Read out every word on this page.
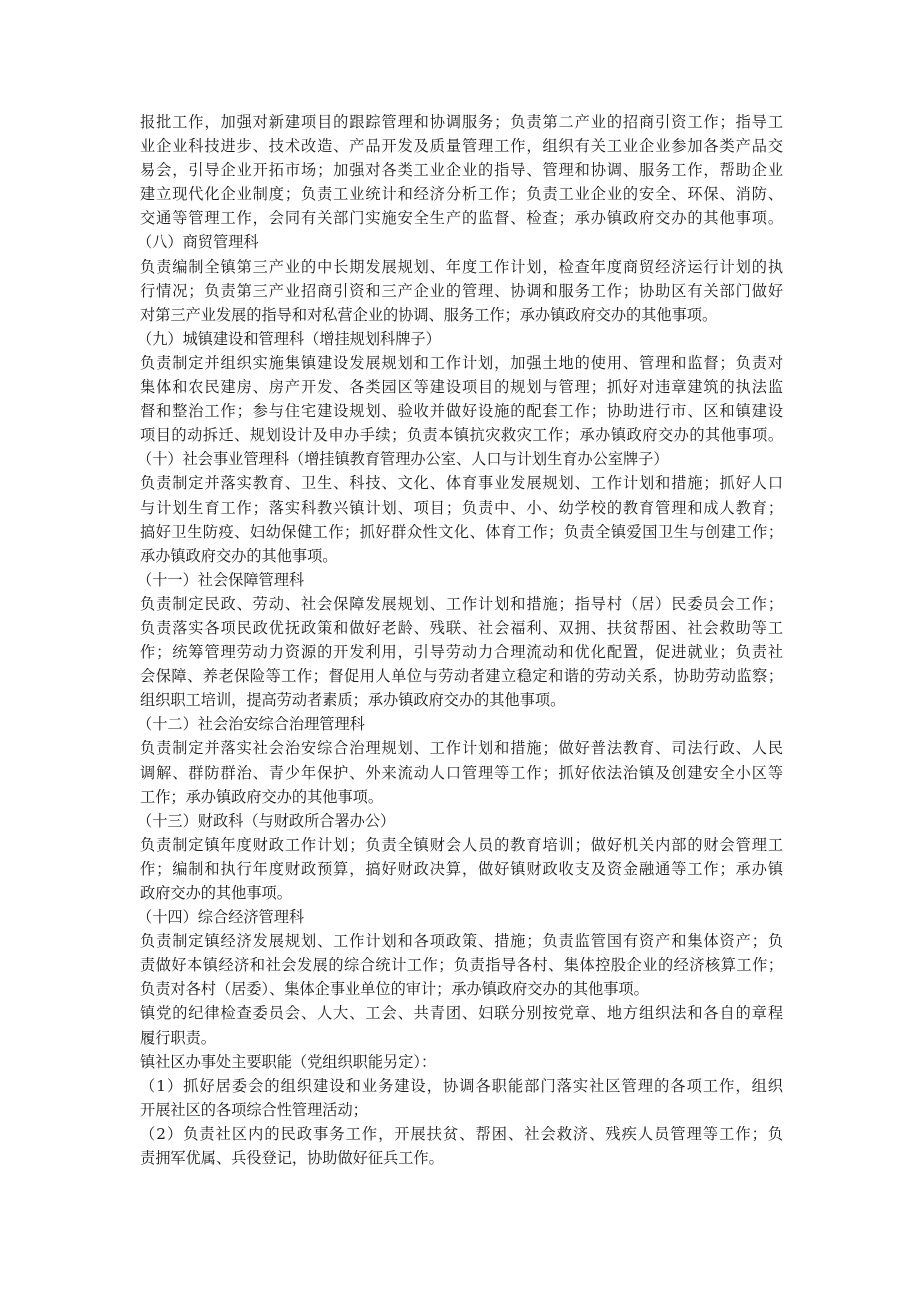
报批工作，加强对新建项目的跟踪管理和协调服务；负责第二产业的招商引资工作；指导工
业企业科技进步、技术改造、产品开发及质量管理工作，组织有关工业企业参加各类产品交
易会，引导企业开拓市场；加强对各类工业企业的指导、管理和协调、服务工作，帮助企业
建立现代化企业制度；负责工业统计和经济分析工作；负责工业企业的安全、环保、消防、
交通等管理工作，会同有关部门实施安全生产的监督、检查；承办镇政府交办的其他事项。
（八）商贸管理科
负责编制全镇第三产业的中长期发展规划、年度工作计划，检查年度商贸经济运行计划的执
行情况；负责第三产业招商引资和三产企业的管理、协调和服务工作；协助区有关部门做好
对第三产业发展的指导和对私营企业的协调、服务工作；承办镇政府交办的其他事项。
（九）城镇建设和管理科（增挂规划科牌子）
负责制定并组织实施集镇建设发展规划和工作计划，加强土地的使用、管理和监督；负责对
集体和农民建房、房产开发、各类园区等建设项目的规划与管理；抓好对违章建筑的执法监
督和整治工作；参与住宅建设规划、验收并做好设施的配套工作；协助进行市、区和镇建设
项目的动拆迁、规划设计及申办手续；负责本镇抗灾救灾工作；承办镇政府交办的其他事项。
（十）社会事业管理科（增挂镇教育管理办公室、人口与计划生育办公室牌子）
负责制定并落实教育、卫生、科技、文化、体育事业发展规划、工作计划和措施；抓好人口
与计划生育工作；落实科教兴镇计划、项目；负责中、小、幼学校的教育管理和成人教育；
搞好卫生防疫、妇幼保健工作；抓好群众性文化、体育工作；负责全镇爱国卫生与创建工作；
承办镇政府交办的其他事项。
（十一）社会保障管理科
负责制定民政、劳动、社会保障发展规划、工作计划和措施；指导村（居）民委员会工作；
负责落实各项民政优抚政策和做好老龄、残联、社会福利、双拥、扶贫帮困、社会救助等工
作；统筹管理劳动力资源的开发利用，引导劳动力合理流动和优化配置，促进就业；负责社
会保障、养老保险等工作；督促用人单位与劳动者建立稳定和谐的劳动关系，协助劳动监察；
组织职工培训，提高劳动者素质；承办镇政府交办的其他事项。
（十二）社会治安综合治理管理科
负责制定并落实社会治安综合治理规划、工作计划和措施；做好普法教育、司法行政、人民
调解、群防群治、青少年保护、外来流动人口管理等工作；抓好依法治镇及创建安全小区等
工作；承办镇政府交办的其他事项。
（十三）财政科（与财政所合署办公）
负责制定镇年度财政工作计划；负责全镇财会人员的教育培训；做好机关内部的财会管理工
作；编制和执行年度财政预算，搞好财政决算，做好镇财政收支及资金融通等工作；承办镇
政府交办的其他事项。
（十四）综合经济管理科
负责制定镇经济发展规划、工作计划和各项政策、措施；负责监管国有资产和集体资产；负
责做好本镇经济和社会发展的综合统计工作；负责指导各村、集体控股企业的经济核算工作；
负责对各村（居委）、集体企事业单位的审计；承办镇政府交办的其他事项。
镇党的纪律检查委员会、人大、工会、共青团、妇联分别按党章、地方组织法和各自的章程
履行职责。
镇社区办事处主要职能（党组织职能另定）：
（1）抓好居委会的组织建设和业务建设，协调各职能部门落实社区管理的各项工作，组织
开展社区的各项综合性管理活动；
（2）负责社区内的民政事务工作，开展扶贫、帮困、社会救济、残疾人员管理等工作；负
责拥军优属、兵役登记，协助做好征兵工作。
